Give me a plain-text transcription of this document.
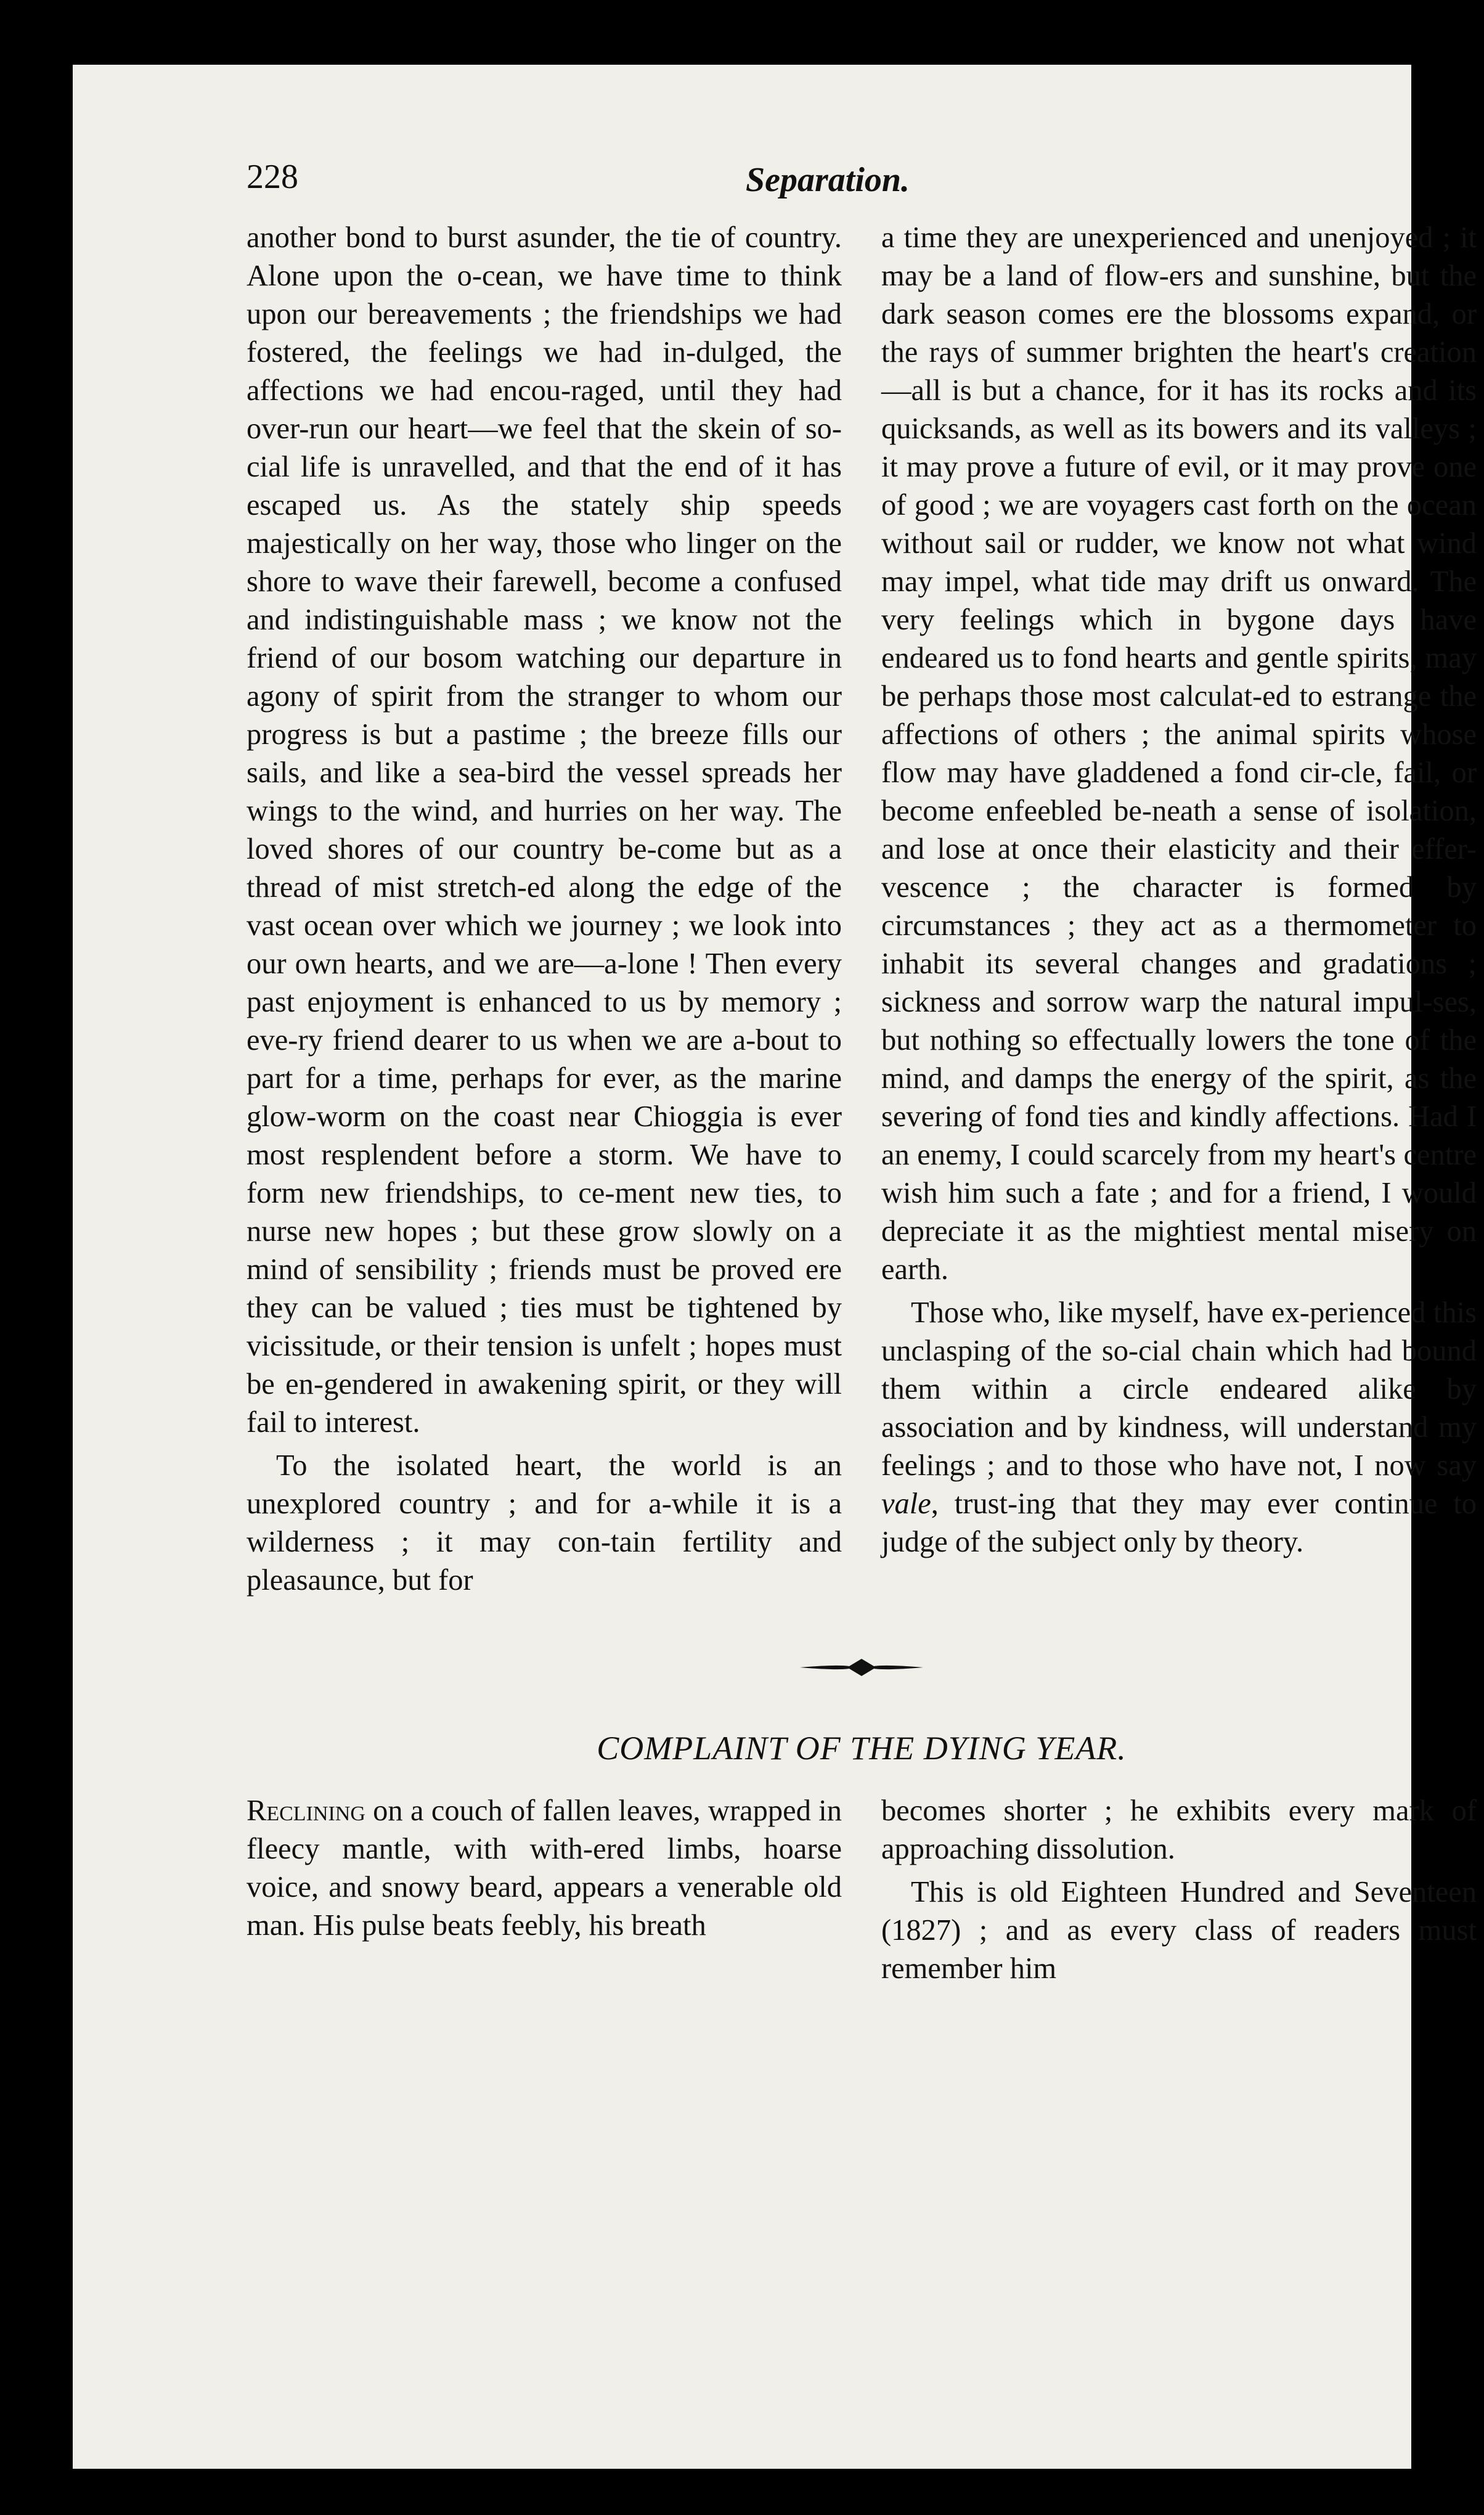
228	Separation.

another bond to burst asunder, the tie of country. Alone upon the o-cean, we have time to think upon our bereavements ; the friendships we had fostered, the feelings we had in-dulged, the affections we had encou-raged, until they had over-run our heart—we feel that the skein of so-cial life is unravelled, and that the end of it has escaped us. As the stately ship speeds majestically on her way, those who linger on the shore to wave their farewell, become a confused and indistinguishable mass ; we know not the friend of our bosom watching our departure in agony of spirit from the stranger to whom our progress is but a pastime ; the breeze fills our sails, and like a sea-bird the vessel spreads her wings to the wind, and hurries on her way. The loved shores of our country be-come but as a thread of mist stretch-ed along the edge of the vast ocean over which we journey ; we look into our own hearts, and we are—a-lone ! Then every past enjoyment is enhanced to us by memory ; eve-ry friend dearer to us when we are a-bout to part for a time, perhaps for ever, as the marine glow-worm on the coast near Chioggia is ever most resplendent before a storm. We have to form new friendships, to ce-ment new ties, to nurse new hopes ; but these grow slowly on a mind of sensibility ; friends must be proved ere they can be valued ; ties must be tightened by vicissitude, or their tension is unfelt ; hopes must be en-gendered in awakening spirit, or they will fail to interest.

To the isolated heart, the world is an unexplored country ; and for a-while it is a wilderness ; it may con-tain fertility and pleasaunce, but for

a time they are unexperienced and unenjoyed ; it may be a land of flow-ers and sunshine, but the dark season comes ere the blossoms expand, or the rays of summer brighten the heart's creation—all is but a chance, for it has its rocks and its quicksands, as well as its bowers and its valleys ; it may prove a future of evil, or it may prove one of good ; we are voyagers cast forth on the ocean without sail or rudder, we know not what wind may impel, what tide may drift us onward. The very feelings which in bygone days have endeared us to fond hearts and gentle spirits, may be perhaps those most calculat-ed to estrange the affections of others ; the animal spirits whose flow may have gladdened a fond cir-cle, fail, or become enfeebled be-neath a sense of isolation, and lose at once their elasticity and their effer-vescence ; the character is formed by circumstances ; they act as a thermometer to inhabit its several changes and gradations ; sickness and sorrow warp the natural impul-ses, but nothing so effectually lowers the tone of the mind, and damps the energy of the spirit, as the severing of fond ties and kindly affections. Had I an enemy, I could scarcely from my heart's centre wish him such a fate ; and for a friend, I would depreciate it as the mightiest mental misery on earth.

Those who, like myself, have ex-perienced this unclasping of the so-cial chain which had bound them within a circle endeared alike by association and by kindness, will understand my feelings ; and to those who have not, I now say vale, trust-ing that they may ever continue to judge of the subject only by theory.

COMPLAINT OF THE DYING YEAR.

Reclining on a couch of fallen leaves, wrapped in fleecy mantle, with with-ered limbs, hoarse voice, and snowy beard, appears a venerable old man. His pulse beats feebly, his breath

becomes shorter ; he exhibits every mark of approaching dissolution.

This is old Eighteen Hundred and Seventeen (1827) ; and as every class of readers must remember him
